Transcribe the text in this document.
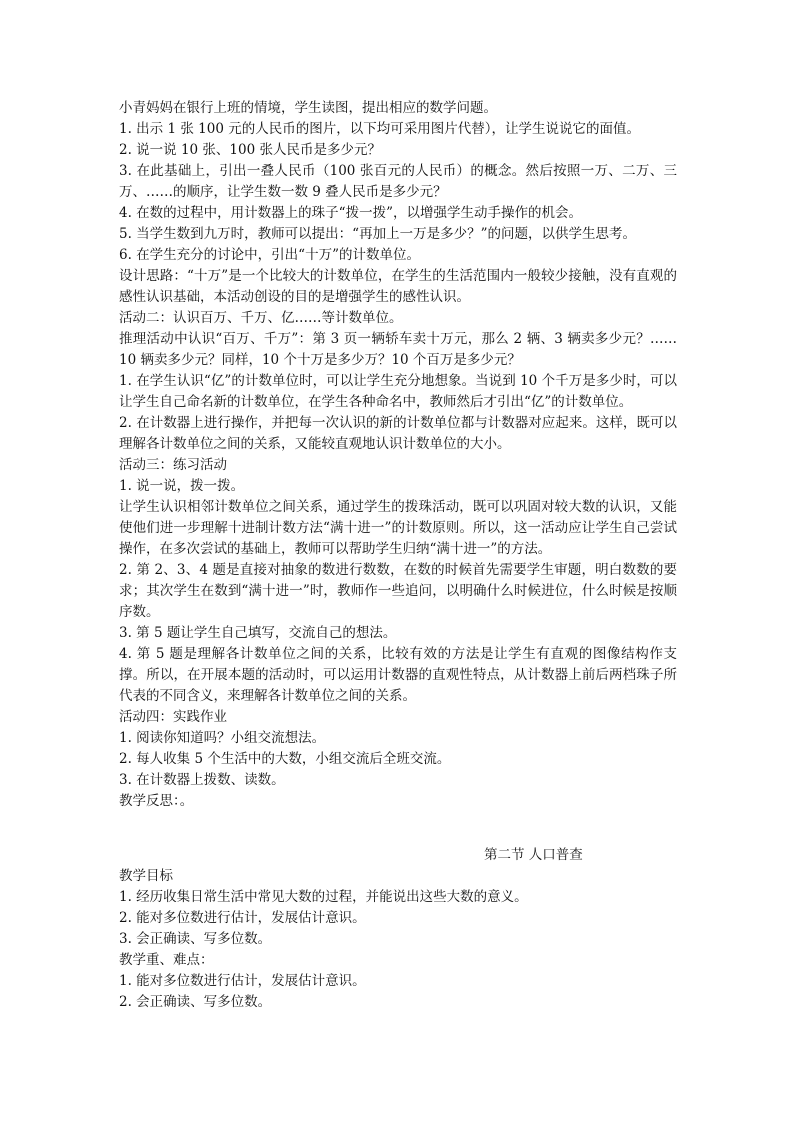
小青妈妈在银行上班的情境，学生读图，提出相应的数学问题。

1. 出示 1 张 100 元的人民币的图片，以下均可采用图片代替），让学生说说它的面值。

2. 说一说 10 张、100 张人民币是多少元？

3. 在此基础上，引出一叠人民币（100 张百元的人民币）的概念。然后按照一万、二万、三万、……的顺序，让学生数一数 9 叠人民币是多少元？

4. 在数的过程中，用计数器上的珠子“拨一拨”，以增强学生动手操作的机会。

5. 当学生数到九万时，教师可以提出：“再加上一万是多少？”的问题，以供学生思考。

6. 在学生充分的讨论中，引出“十万”的计数单位。

设计思路：“十万”是一个比较大的计数单位，在学生的生活范围内一般较少接触，没有直观的感性认识基础，本活动创设的目的是增强学生的感性认识。

活动二：认识百万、千万、亿……等计数单位。

推理活动中认识“百万、千万”：第 3 页一辆轿车卖十万元，那么 2 辆、3 辆卖多少元？……10 辆卖多少元？同样，10 个十万是多少万？10 个百万是多少元？

1. 在学生认识“亿”的计数单位时，可以让学生充分地想象。当说到 10 个千万是多少时，可以让学生自己命名新的计数单位，在学生各种命名中，教师然后才引出“亿”的计数单位。

2. 在计数器上进行操作，并把每一次认识的新的计数单位都与计数器对应起来。这样，既可以理解各计数单位之间的关系，又能较直观地认识计数单位的大小。

活动三：练习活动

1. 说一说，拨一拨。

让学生认识相邻计数单位之间关系，通过学生的拨珠活动，既可以巩固对较大数的认识，又能使他们进一步理解十进制计数方法“满十进一”的计数原则。所以，这一活动应让学生自己尝试操作，在多次尝试的基础上，教师可以帮助学生归纳“满十进一”的方法。

2. 第 2、3、4 题是直接对抽象的数进行数数，在数的时候首先需要学生审题，明白数数的要求；其次学生在数到“满十进一”时，教师作一些追问，以明确什么时候进位，什么时候是按顺序数。

3. 第 5 题让学生自己填写，交流自己的想法。

4. 第 5 题是理解各计数单位之间的关系，比较有效的方法是让学生有直观的图像结构作支撑。所以，在开展本题的活动时，可以运用计数器的直观性特点，从计数器上前后两档珠子所代表的不同含义，来理解各计数单位之间的关系。

活动四：实践作业

1. 阅读你知道吗？小组交流想法。

2. 每人收集 5 个生活中的大数，小组交流后全班交流。

3. 在计数器上拨数、读数。

教学反思：。

第二节 人口普查

教学目标

1. 经历收集日常生活中常见大数的过程，并能说出这些大数的意义。

2. 能对多位数进行估计，发展估计意识。

3. 会正确读、写多位数。

教学重、难点：

1. 能对多位数进行估计，发展估计意识。

2. 会正确读、写多位数。
